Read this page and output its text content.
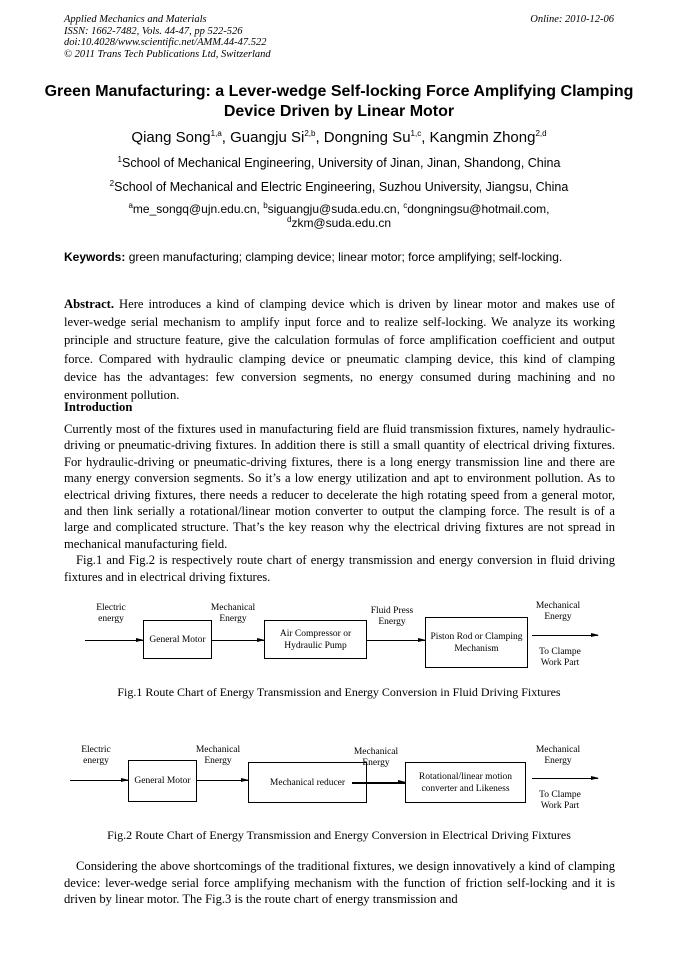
Applied Mechanics and Materials
ISSN: 1662-7482, Vols. 44-47, pp 522-526
doi:10.4028/www.scientific.net/AMM.44-47.522
© 2011 Trans Tech Publications Ltd, Switzerland
Online: 2010-12-06
Green Manufacturing: a Lever-wedge Self-locking Force Amplifying Clamping Device Driven by Linear Motor
Qiang Song$^{1,a}$, Guangju Si$^{2,b}$, Dongning Su$^{1,c}$, Kangmin Zhong$^{2,d}$
$^1$School of Mechanical Engineering, University of Jinan, Jinan, Shandong, China
$^2$School of Mechanical and Electric Engineering, Suzhou University, Jiangsu, China
$^a$me_songq@ujn.edu.cn, $^b$siguangju@suda.edu.cn, $^c$dongningsu@hotmail.com,
$^d$zkm@suda.edu.cn
Keywords: green manufacturing; clamping device; linear motor; force amplifying; self-locking.
Abstract. Here introduces a kind of clamping device which is driven by linear motor and makes use of lever-wedge serial mechanism to amplify input force and to realize self-locking. We analyze its working principle and structure feature, give the calculation formulas of force amplification coefficient and output force. Compared with hydraulic clamping device or pneumatic clamping device, this kind of clamping device has the advantages: few conversion segments, no energy consumed during machining and no environment pollution.
Introduction
Currently most of the fixtures used in manufacturing field are fluid transmission fixtures, namely hydraulic-driving or pneumatic-driving fixtures. In addition there is still a small quantity of electrical driving fixtures. For hydraulic-driving or pneumatic-driving fixtures, there is a long energy transmission line and there are many energy conversion segments. So it’s a low energy utilization and apt to environment pollution. As to electrical driving fixtures, there needs a reducer to decelerate the high rotating speed from a general motor, and then link serially a rotational/linear motion converter to output the clamping force. The result is of a large and complicated structure. That’s the key reason why the electrical driving fixtures are not spread in mechanical manufacturing field.
Fig.1 and Fig.2 is respectively route chart of energy transmission and energy conversion in fluid driving fixtures and in electrical driving fixtures.
Electric energy
Mechanical Energy
Fluid Press Energy
Mechanical Energy
To Clampe Work Part
General Motor
Air Compressor or Hydraulic Pump
Piston Rod or Clamping Mechanism
Fig.1 Route Chart of Energy Transmission and Energy Conversion in Fluid Driving Fixtures
Electric energy
Mechanical Energy
Mechanical Energy
Mechanical Energy
To Clampe Work Part
General Motor	Mechanical reducer
Rotational/linear motion converter and Likeness
Fig.2 Route Chart of Energy Transmission and Energy Conversion in Electrical Driving Fixtures
Considering the above shortcomings of the traditional fixtures, we design innovatively a kind of clamping device: lever-wedge serial force amplifying mechanism with the function of friction self-locking and it is driven by linear motor. The Fig.3 is the route chart of energy transmission and
